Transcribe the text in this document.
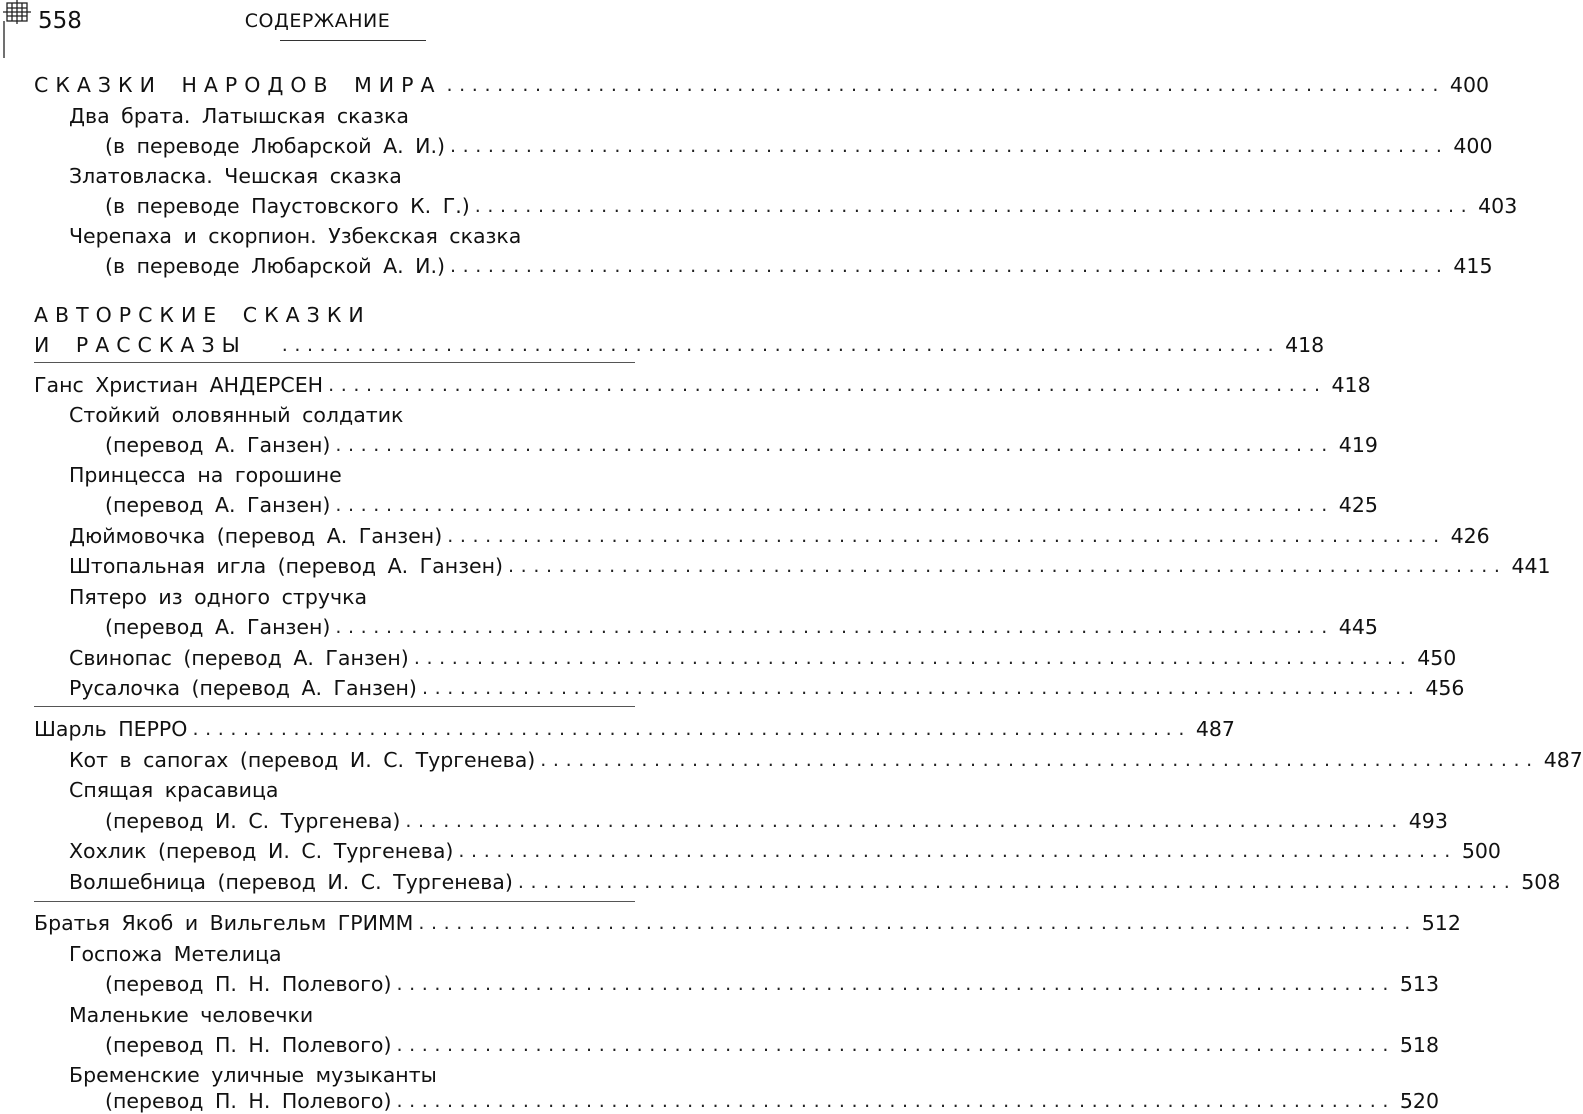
558	СОДЕРЖАНИЕ
СКАЗКИ НАРОДОВ МИРА ............................................................................... 400
Два брата. Латышская сказка
(в переводе Любарской А. И.) ............................................................................... 400
Златовласка. Чешская сказка
(в переводе Паустовского К. Г.) ............................................................................... 403
Черепаха и скорпион. Узбекская сказка
(в переводе Любарской А. И.) ............................................................................... 415
АВТОРСКИЕ СКАЗКИ
И РАССКАЗЫ	............................................................................... 418
Ганс Христиан АНДЕРСЕН ............................................................................... 418
Стойкий оловянный солдатик
(перевод А. Ганзен) ............................................................................... 419
Принцесса на горошине
(перевод А. Ганзен) ............................................................................... 425
Дюймовочка (перевод А. Ганзен) ............................................................................... 426
Штопальная игла (перевод А. Ганзен) ............................................................................... 441
Пятеро из одного стручка
(перевод А. Ганзен) ............................................................................... 445
Свинопас (перевод А. Ганзен) ............................................................................... 450
Русалочка (перевод А. Ганзен) ............................................................................... 456
Шарль ПЕРРО ............................................................................... 487
Кот в сапогах (перевод И. С. Тургенева) ............................................................................... 487
Спящая красавица
(перевод И. С. Тургенева) ............................................................................... 493
Хохлик (перевод И. С. Тургенева) ............................................................................... 500
Волшебница (перевод И. С. Тургенева) ............................................................................... 508
Братья Якоб и Вильгельм ГРИММ ............................................................................... 512
Госпожа Метелица
(перевод П. Н. Полевого) ............................................................................... 513
Маленькие человечки
(перевод П. Н. Полевого) ............................................................................... 518
Бременские уличные музыканты
(перевод П. Н. Полевого) ............................................................................... 520
